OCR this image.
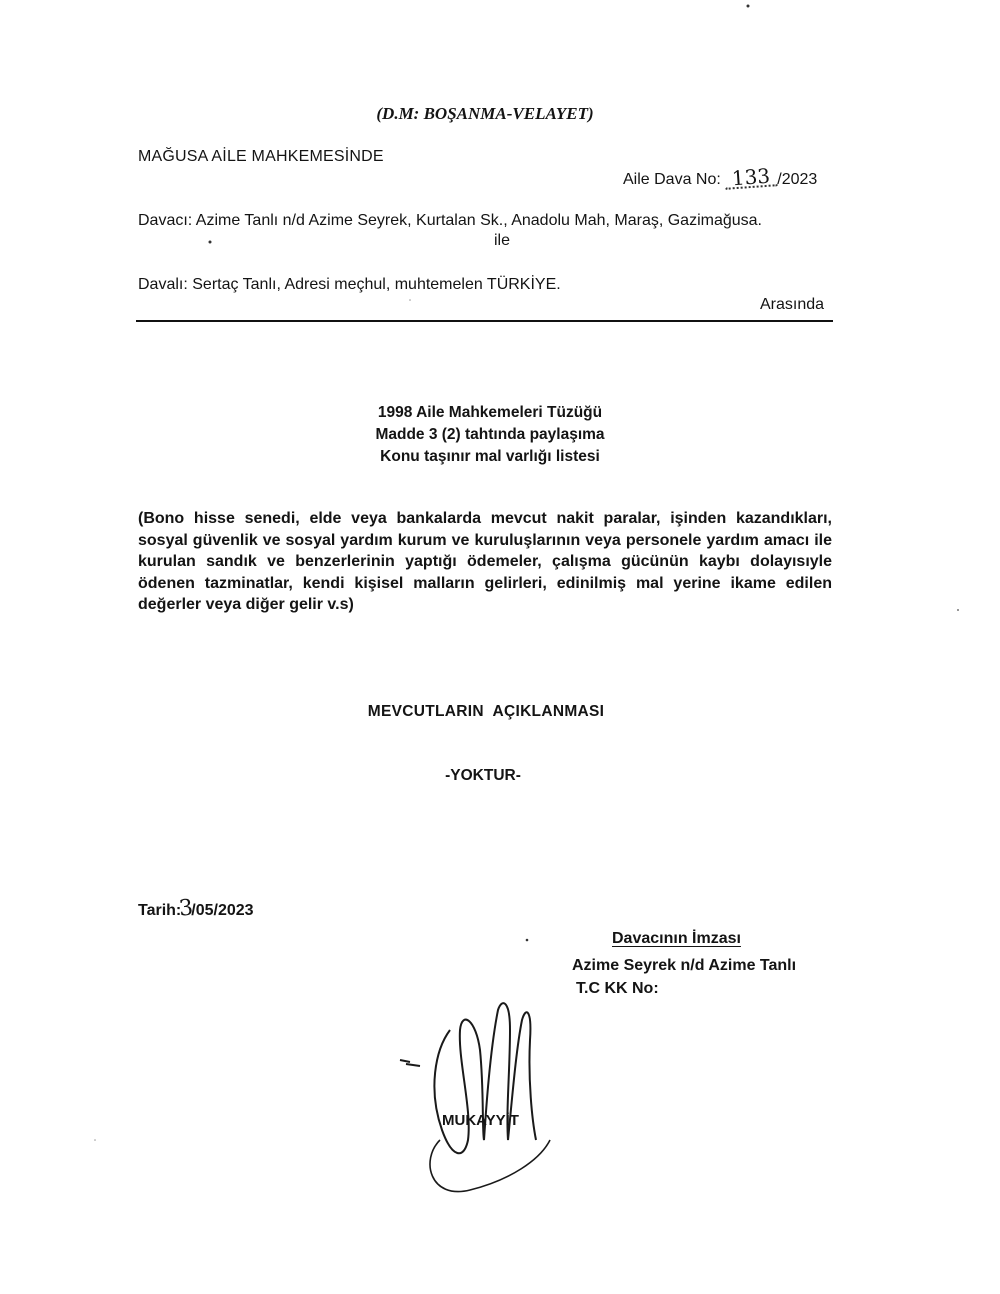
(D.M: BOŞANMA-VELAYET)
MAĞUSA AİLE MAHKEMESİNDE
Aile Dava No: 133 /2023
Davacı: Azime Tanlı n/d Azime Seyrek, Kurtalan Sk., Anadolu Mah, Maraş, Gazimağusa.
ile
Davalı: Sertaç Tanlı, Adresi meçhul, muhtemelen TÜRKİYE.
Arasında
1998 Aile Mahkemeleri Tüzüğü
Madde 3 (2) tahtında paylaşıma
Konu taşınır mal varlığı listesi
(Bono hisse senedi, elde veya bankalarda mevcut nakit paralar, işinden kazandıkları, sosyal güvenlik ve sosyal yardım kurum ve kuruluşlarının veya personele yardım amacı ile kurulan sandık ve benzerlerinin yaptığı ödemeler, çalışma gücünün kaybı dolayısıyle ödenen tazminatlar, kendi kişisel malların gelirleri, edinilmiş mal yerine ikame edilen değerler veya diğer gelir v.s)
MEVCUTLARIN  AÇIKLANMASI
-YOKTUR-
Tarih:3/05/2023
Davacının İmzası
Azime Seyrek n/d Azime Tanlı
T.C KK No:
MUKAYYİT
